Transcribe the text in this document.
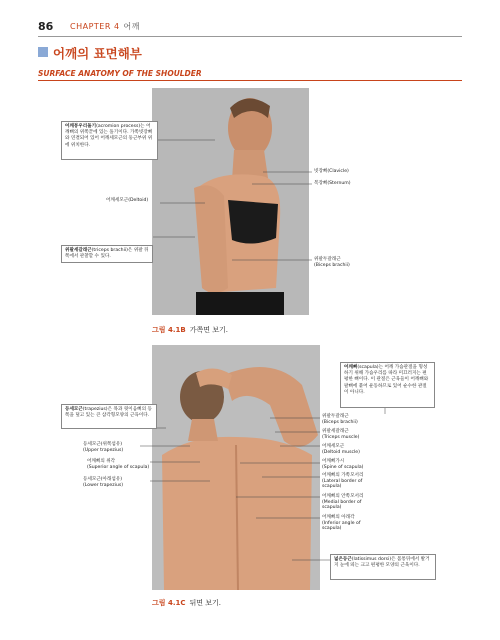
86 CHAPTER 4 어깨
어깨의 표면해부
SURFACE ANATOMY OF THE SHOULDER
어깨봉우리돌기(acromion process)는 어깨뼈의 위쪽끝에 있는 돌기이다. 가쪽빗장뼈와 연결되어 있어 어깨세모근의 둥근부위 위에 위치한다.
위팔세갈래근(triceps brachii)은 위팔 뒤쪽에서 관찰할 수 있다.
어깨세모근(Deltoid)
빗장뼈(Clavicle)
복장뼈(Sternum)
위팔두갈래근
(Biceps brachii)
그림 4.1B 가쪽면 보기.
어깨뼈(scapula)는 어깨 가슴관절을 형성하기 위해 가슴우리를 따라 미끄러지는 편평한 뼈이다. 이 관절은 근육들이 어깨뼈와 팔뼈에 붙어 운동하므로 있어 순수한 관절이 아니다.
등세모근(trapezius)은 목과 윗이음뼈의 등쪽을 덮고 있는 큰 삼각형모양의 근육이다.
넓은등근(latissimus dorsi)은 몸통뒤에서 발거지 눈에 띄는 크고 편평한 모양의 근육이다.
등세모근(위쪽섬유)
(Upper trapezius)
어깨뼈의 위각
(Superior angle of scapula)
등세모근(아래섬유)
(Lower trapezius)
위팔두갈래근
(Biceps brachii)
위팔세갈래근
(Triceps muscle)
어깨세모근
(Deltoid muscle)
어깨뼈가시
(Spine of scapula)
어깨뼈의 가쪽모서리
(Lateral border of
scapula)
어깨뼈의 안쪽모서리
(Medial border of
scapula)
어깨뼈의 아래각
(Inferior angle of
scapula)
그림 4.1C 뒤면 보기.
